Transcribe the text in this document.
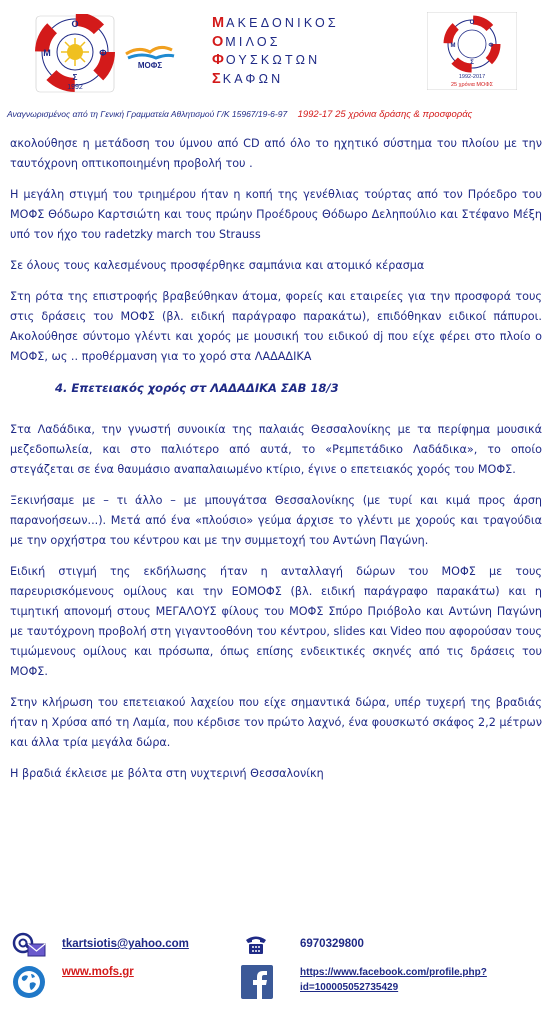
Ο
Μ	Φ
Σ
1992
ΜΟΦΣ
ΜΑΚΕΔΟΝΙΚΟΣ
ΟΜΙΛΟΣ
ΦΟΥΣΚΩΤΩΝ
ΣΚΑΦΩΝ
Ο
Μ	Φ
Σ
1992-2017
25 χρόνια ΜΟΦΣ
Αναγνωρισμένος από τη Γενική Γραμματεία Αθλητισμού Γ/Κ 15967/19-6-97 1992-17 25 χρόνια δράσης & προσφοράς

ακολούθησε η μετάδοση του ύμνου από CD από όλο το ηχητικό σύστημα του πλοίου με την ταυτόχρονη οπτικοποιημένη προβολή του .

Η μεγάλη στιγμή του τριημέρου ήταν η κοπή της γενέθλιας τούρτας από τον Πρόεδρο του ΜΟΦΣ Θόδωρο Καρτσιώτη και τους πρώην Προέδρους Θόδωρο Δεληπούλιο και Στέφανο Μέξη υπό τον ήχο του radetzky march του Strauss

Σε όλους τους καλεσμένους προσφέρθηκε σαμπάνια και ατομικό κέρασμα

Στη ρότα της επιστροφής βραβεύθηκαν άτομα, φορείς και εταιρείες για την προσφορά τους στις δράσεις του ΜΟΦΣ (βλ. ειδική παράγραφο παρακάτω), επιδόθηκαν ειδικοί πάπυροι. Ακολούθησε σύντομο γλέντι και χορός με μουσική του ειδικού dj που είχε φέρει στο πλοίο ο ΜΟΦΣ, ως .. προθέρμανση για το χορό στα ΛΑΔΑΔΙΚΑ

4. Επετειακός χορός στ ΛΑΔΑΔΙΚΑ ΣΑΒ 18/3

Στα Λαδάδικα, την γνωστή συνοικία της παλαιάς Θεσσαλονίκης με τα περίφημα μουσικά μεζεδοπωλεία, και στο παλιότερο από αυτά, το «Ρεμπετάδικο Λαδάδικα», το οποίο στεγάζεται σε ένα θαυμάσιο αναπαλαιωμένο κτίριο, έγινε ο επετειακός χορός του ΜΟΦΣ.

Ξεκινήσαμε με – τι άλλο – με μπουγάτσα Θεσσαλονίκης (με τυρί και κιμά προς άρση παρανοήσεων...). Μετά από ένα «πλούσιο» γεύμα άρχισε το γλέντι με χορούς και τραγούδια με την ορχήστρα του κέντρου και με την συμμετοχή του Αντώνη Παγώνη.

Ειδική στιγμή της εκδήλωσης ήταν η ανταλλαγή δώρων του ΜΟΦΣ με τους παρευρισκόμενους ομίλους και την ΕΟΜΟΦΣ (βλ. ειδική παράγραφο παρακάτω) και η τιμητική απονομή στους ΜΕΓΑΛΟΥΣ φίλους του ΜΟΦΣ Σπύρο Πριόβολο και Αντώνη Παγώνη με ταυτόχρονη προβολή στη γιγαντοοθόνη του κέντρου, slides και Video που αφορούσαν τους τιμώμενους ομίλους και πρόσωπα, όπως επίσης ενδεικτικές σκηνές από τις δράσεις του ΜΟΦΣ.

Στην κλήρωση του επετειακού λαχείου που είχε σημαντικά δώρα, υπέρ τυχερή της βραδιάς ήταν η Χρύσα από τη Λαμία, που κέρδισε τον πρώτο λαχνό, ένα φουσκωτό σκάφος 2,2 μέτρων και άλλα τρία μεγάλα δώρα.

Η βραδιά έκλεισε με βόλτα στη νυχτερινή Θεσσαλονίκη

tkartsiotis@yahoo.com	6970329800
www.mofs.gr	https://www.facebook.com/profile.php?id=100005052735429
